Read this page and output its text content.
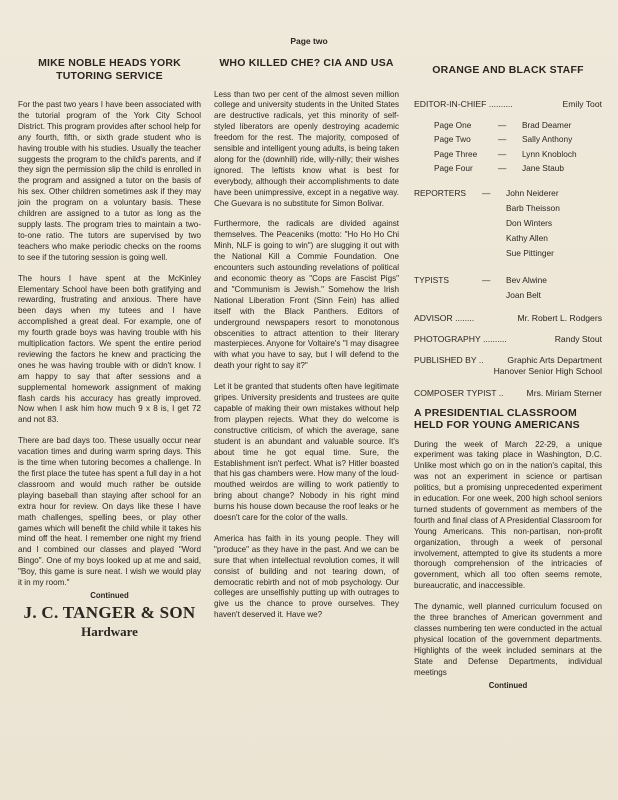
Page two
MIKE NOBLE HEADS YORK TUTORING SERVICE

For the past two years I have been associated with the tutorial program of the York City School District. This program provides after school help for any fourth, fifth, or sixth grade student who is having trouble with his studies. Usually the teacher suggests the program to the child's parents, and if they sign the permission slip the child is enrolled in the program and assigned a tutor on the basis of his sex. Other children sometimes ask if they may join the program on a voluntary basis. These children are assigned to a tutor as long as the supply lasts. The program tries to maintain a two-to-one ratio. The tutors are supervised by two teachers who make periodic checks on the rooms to see if the tutoring session is going well.

The hours I have spent at the McKinley Elementary School have been both gratifying and rewarding, frustrating and anxious. There have been days when my tutees and I have accomplished a great deal. For example, one of my fourth grade boys was having trouble with his multiplication factors. We spent the entire period reviewing the factors he knew and practicing the ones he was having trouble with or didn't know. I am happy to say that after sessions and a supplemental homework assignment of making flash cards his accuracy has greatly improved. Now when I ask him how much 9 x 8 is, I get 72 and not 83.

There are bad days too. These usually occur near vacation times and during warm spring days. This is the time when tutoring becomes a challenge. In the first place the tutee has spent a full day in a hot classroom and would much rather be outside playing baseball than staying after school for an extra hour for review. On days like these I have math challenges, spelling bees, or play other games which will benefit the child while it takes his mind off the heat. I remember one night my friend and I combined our classes and played "Word Bingo". One of my boys looked up at me and said, "Boy, this game is sure neat. I wish we would play it in my room."

Continued
J. C. TANGER & SON
Hardware
WHO KILLED CHE? CIA AND USA

Less than two per cent of the almost seven million college and university students in the United States are destructive radicals, yet this minority of self-styled liberators are openly destroying academic freedom for the rest. The majority, composed of sensible and intelligent young adults, is being taken along for the (downhill) ride, willy-nilly; their wishes ignored. The leftists know what is best for everybody, although their accomplishments to date have been unimpressive, except in a negative way. Che Guevara is no substitute for Simon Bolivar.

Furthermore, the radicals are divided against themselves. The Peaceniks (motto: "Ho Ho Ho Chi Minh, NLF is going to win") are slugging it out with the National Kill a Commie Foundation. One encounters such astounding revelations of political and economic theory as "Cops are Fascist Pigs" and "Communism is Jewish." Somehow the Irish National Liberation Front (Sinn Fein) has allied itself with the Black Panthers. Editors of underground newspapers resort to monotonous obscenities to attract attention to their literary masterpieces. Anyone for Voltaire's "I may disagree with what you have to say, but I will defend to the death your right to say it?"

Let it be granted that students often have legitimate gripes. University presidents and trustees are quite capable of making their own mistakes without help from playpen rejects. What they do welcome is constructive criticism, of which the average, sane student is an abundant and valuable source. It's about time he got equal time. Sure, the Establishment isn't perfect. What is? Hitler boasted that his gas chambers were. How many of the loud-mouthed weirdos are willing to work patiently to bring about change? Nobody in his right mind burns his house down because the roof leaks or he doesn't care for the color of the walls.

America has faith in its young people. They will "produce" as they have in the past. And we can be sure that when intellectual revolution comes, it will consist of building and not tearing down, of democratic rebirth and not of mob psychology. Our colleges are unselfishly putting up with outrages to give us the chance to prove ourselves. They haven't deserved it. Have we?

ORANGE AND BLACK STAFF
EDITOR-IN-CHIEF ..........	Emily Toot
Page One	—	Brad Deamer
Page Two	—	Sally Anthony
Page Three	—	Lynn Knobloch
Page Four	—	Jane Staub
REPORTERS	—	John Neiderer
Barb Theisson
Don Winters
Kathy Allen
Sue Pittinger
TYPISTS	—	Bev Alwine
Joan Belt
ADVISOR ........	Mr. Robert L. Rodgers
PHOTOGRAPHY ..........	Randy Stout
PUBLISHED BY ..	Graphic Arts Department
Hanover Senior High School
COMPOSER TYPIST ..	Mrs. Miriam Sterner
A PRESIDENTIAL CLASSROOM HELD FOR YOUNG AMERICANS

During the week of March 22-29, a unique experiment was taking place in Washington, D.C. Unlike most which go on in the nation's capital, this was not an experiment in science or partisan politics, but a promising unprecedented experiment in education. For one week, 200 high school seniors turned students of government as members of the fourth and final class of A Presidential Classroom for Young Americans. This non-partisan, non-profit organization, through a week of personal involvement, attempted to give its students a more thorough comprehension of the intricacies of government, which all too often seems remote, bureaucratic, and inaccessible.

The dynamic, well planned curriculum focused on the three branches of American government and classes numbering ten were conducted in the actual physical location of the government departments. Highlights of the week included seminars at the State and Defense Departments, individual meetings

Continued
